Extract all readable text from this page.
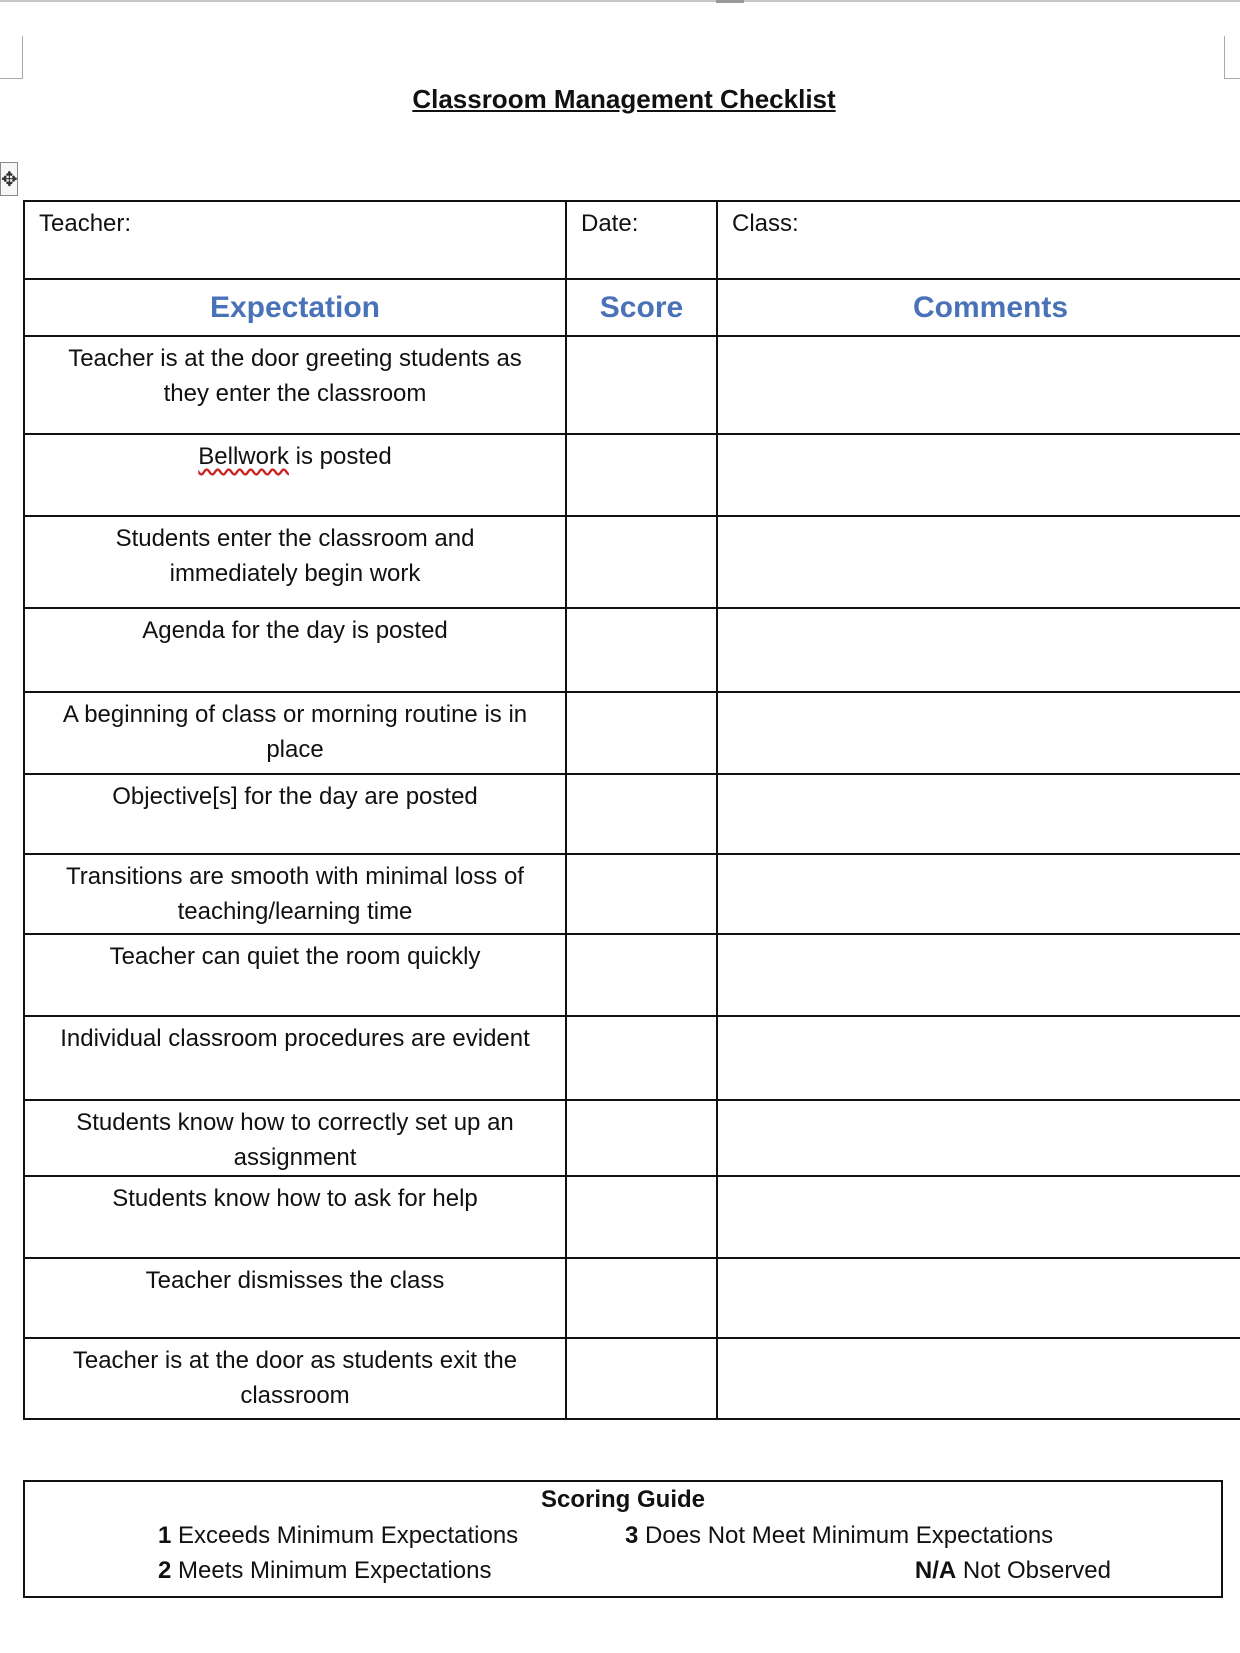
✥
Classroom Management Checklist
Teacher:	Date:	Class:
Expectation	Score	Comments

Teacher is at the door greeting students as
they enter the classroom		

Bellwork is posted		

Students enter the classroom and
immediately begin work		

Agenda for the day is posted		

A beginning of class or morning routine is in
place		

Objective[s] for the day are posted		

Transitions are smooth with minimal loss of
teaching/learning time		

Teacher can quiet the room quickly		

Individual classroom procedures are evident		

Students know how to correctly set up an
assignment		

Students know how to ask for help		

Teacher dismisses the class		

Teacher is at the door as students exit the
classroom		

Scoring Guide
1 Exceeds Minimum Expectations
2 Meets Minimum Expectations
3 Does Not Meet Minimum Expectations
N/A Not Observed
